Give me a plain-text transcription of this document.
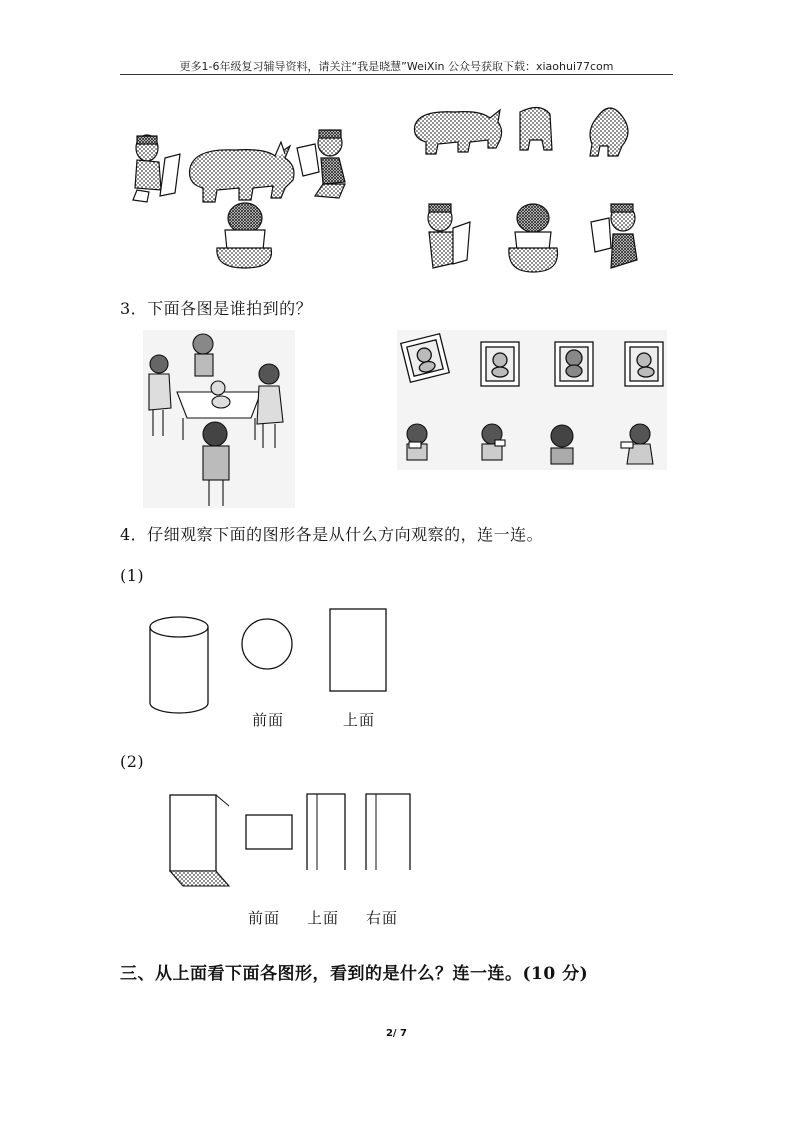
更多1-6年级复习辅导资料，请关注“我是晓慧”WeiXin 公众号获取下载：xiaohui77com
3．下面各图是谁拍到的？
4．仔细观察下面的图形各是从什么方向观察的，连一连。
(1)
前面	上面
(2)
前面 上面 右面
三、从上面看下面各图形，看到的是什么？连一连。(10 分)
2/ 7
